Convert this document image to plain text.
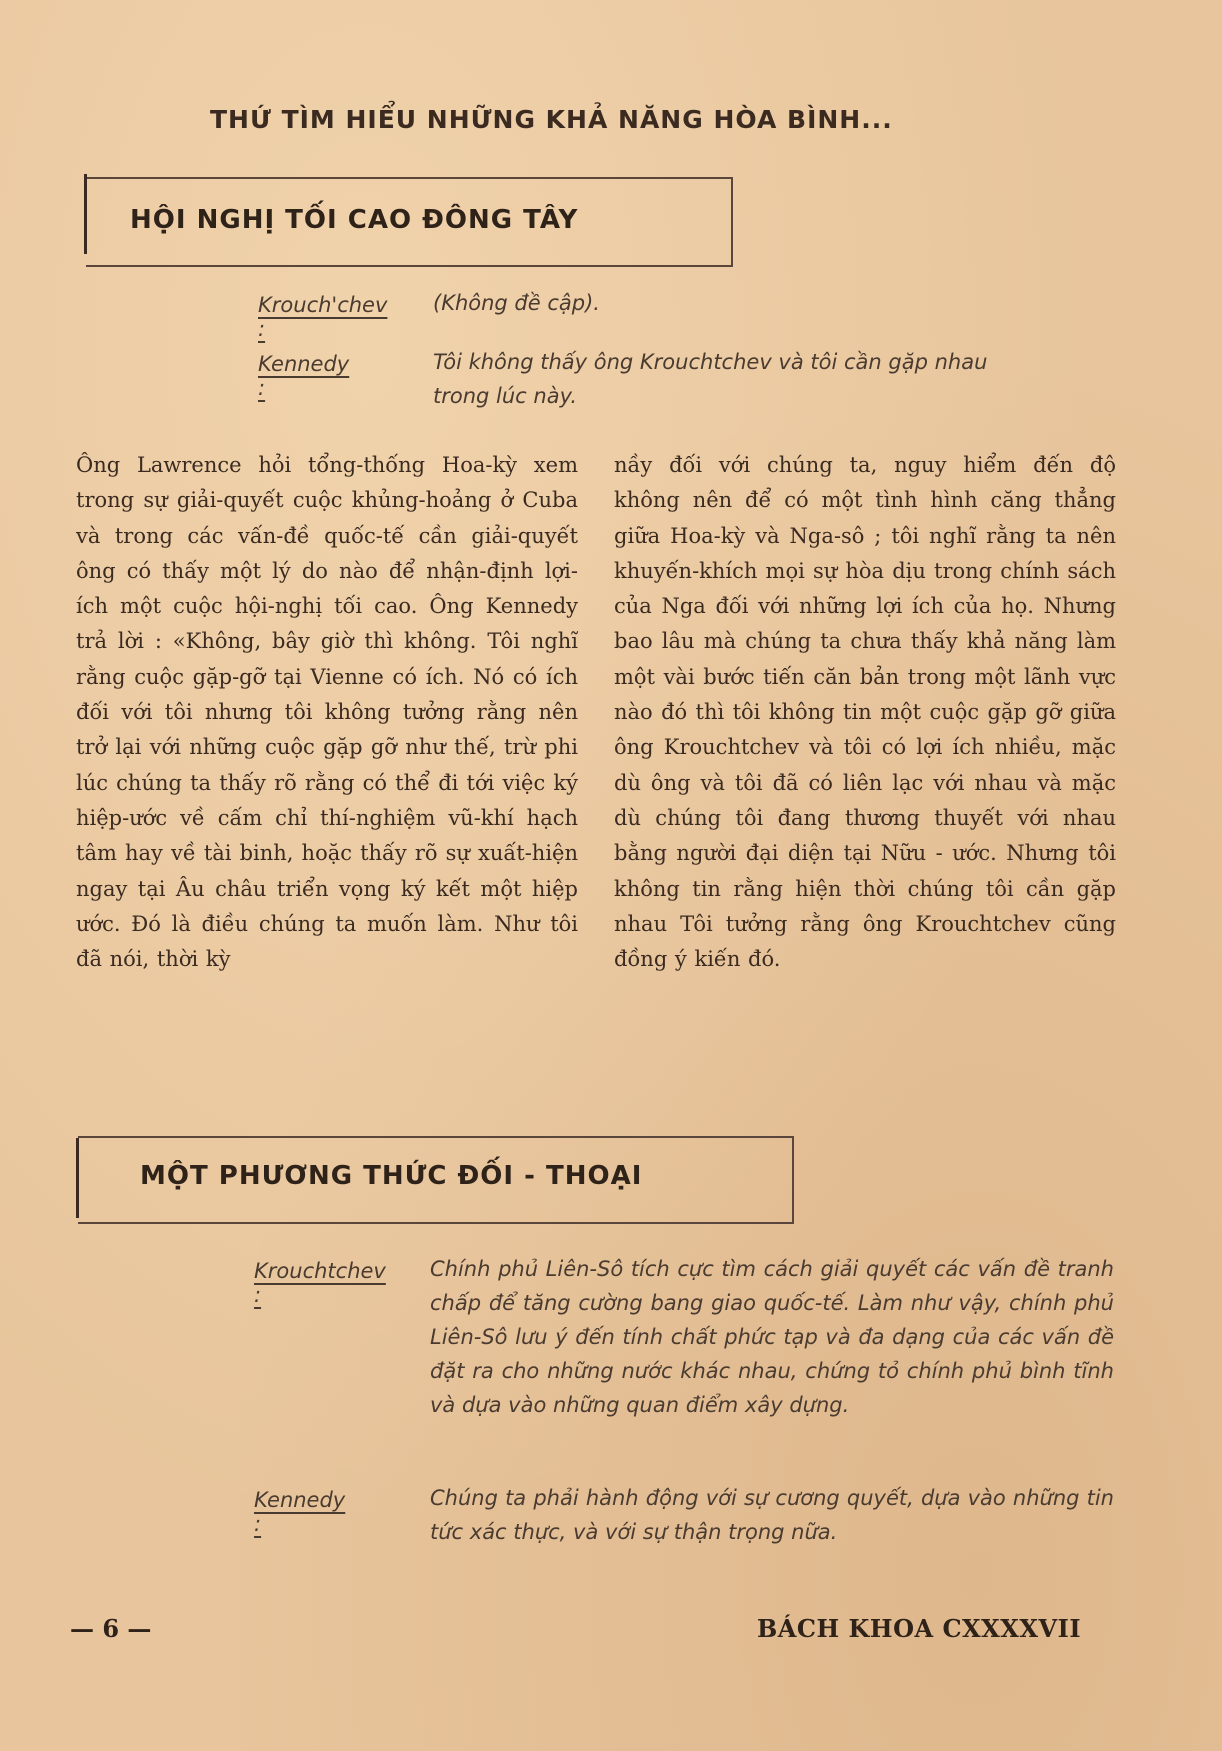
THỨ TÌM HIỂU NHỮNG KHẢ NĂNG HÒA BÌNH...
HỘI NGHỊ TỐI CAO ĐÔNG TÂY
Krouch'chev :
(Không đề cập).
Kennedy :
Tôi không thấy ông Krouchtchev và tôi cần gặp nhau
trong lúc này.
Ông Lawrence hỏi tổng-thống Hoa-kỳ xem trong sự giải-quyết cuộc khủng-hoảng ở Cuba và trong các vấn-đề quốc-tế cần giải-quyết ông có thấy một lý do nào để nhận-định lợi-ích một cuộc hội-nghị tối cao. Ông Kennedy trả lời : «Không, bây giờ thì không. Tôi nghĩ rằng cuộc gặp-gỡ tại Vienne có ích. Nó có ích đối với tôi nhưng tôi không tưởng rằng nên trở lại với những cuộc gặp gỡ như thế, trừ phi lúc chúng ta thấy rõ rằng có thể đi tới việc ký hiệp-ước về cấm chỉ thí-nghiệm vũ-khí hạch tâm hay về tài binh, hoặc thấy rõ sự xuất-hiện ngay tại Âu châu triển vọng ký kết một hiệp ước. Đó là điều chúng ta muốn làm. Như tôi đã nói, thời kỳ
nầy đối với chúng ta, nguy hiểm đến độ không nên để có một tình hình căng thẳng giữa Hoa-kỳ và Nga-sô ; tôi nghĩ rằng ta nên khuyến-khích mọi sự hòa dịu trong chính sách của Nga đối với những lợi ích của họ. Nhưng bao lâu mà chúng ta chưa thấy khả năng làm một vài bước tiến căn bản trong một lãnh vực nào đó thì tôi không tin một cuộc gặp gỡ giữa ông Krouchtchev và tôi có lợi ích nhiều, mặc dù ông và tôi đã có liên lạc với nhau và mặc dù chúng tôi đang thương thuyết với nhau bằng người đại diện tại Nữu - ước. Nhưng tôi không tin rằng hiện thời chúng tôi cần gặp nhau Tôi tưởng rằng ông Krouchtchev cũng đồng ý kiến đó.
MỘT PHƯƠNG THỨC ĐỐI - THOẠI
Krouchtchev :
Chính phủ Liên-Sô tích cực tìm cách giải quyết các vấn đề tranh chấp để tăng cường bang giao quốc-tế. Làm như vậy, chính phủ Liên-Sô lưu ý đến tính chất phức tạp và đa dạng của các vấn đề đặt ra cho những nước khác nhau, chứng tỏ chính phủ bình tĩnh và dựa vào những quan điểm xây dựng.
Kennedy :
Chúng ta phải hành động với sự cương quyết, dựa vào những tin tức xác thực, và với sự thận trọng nữa.
— 6 —	BÁCH KHOA CXXXXVII
